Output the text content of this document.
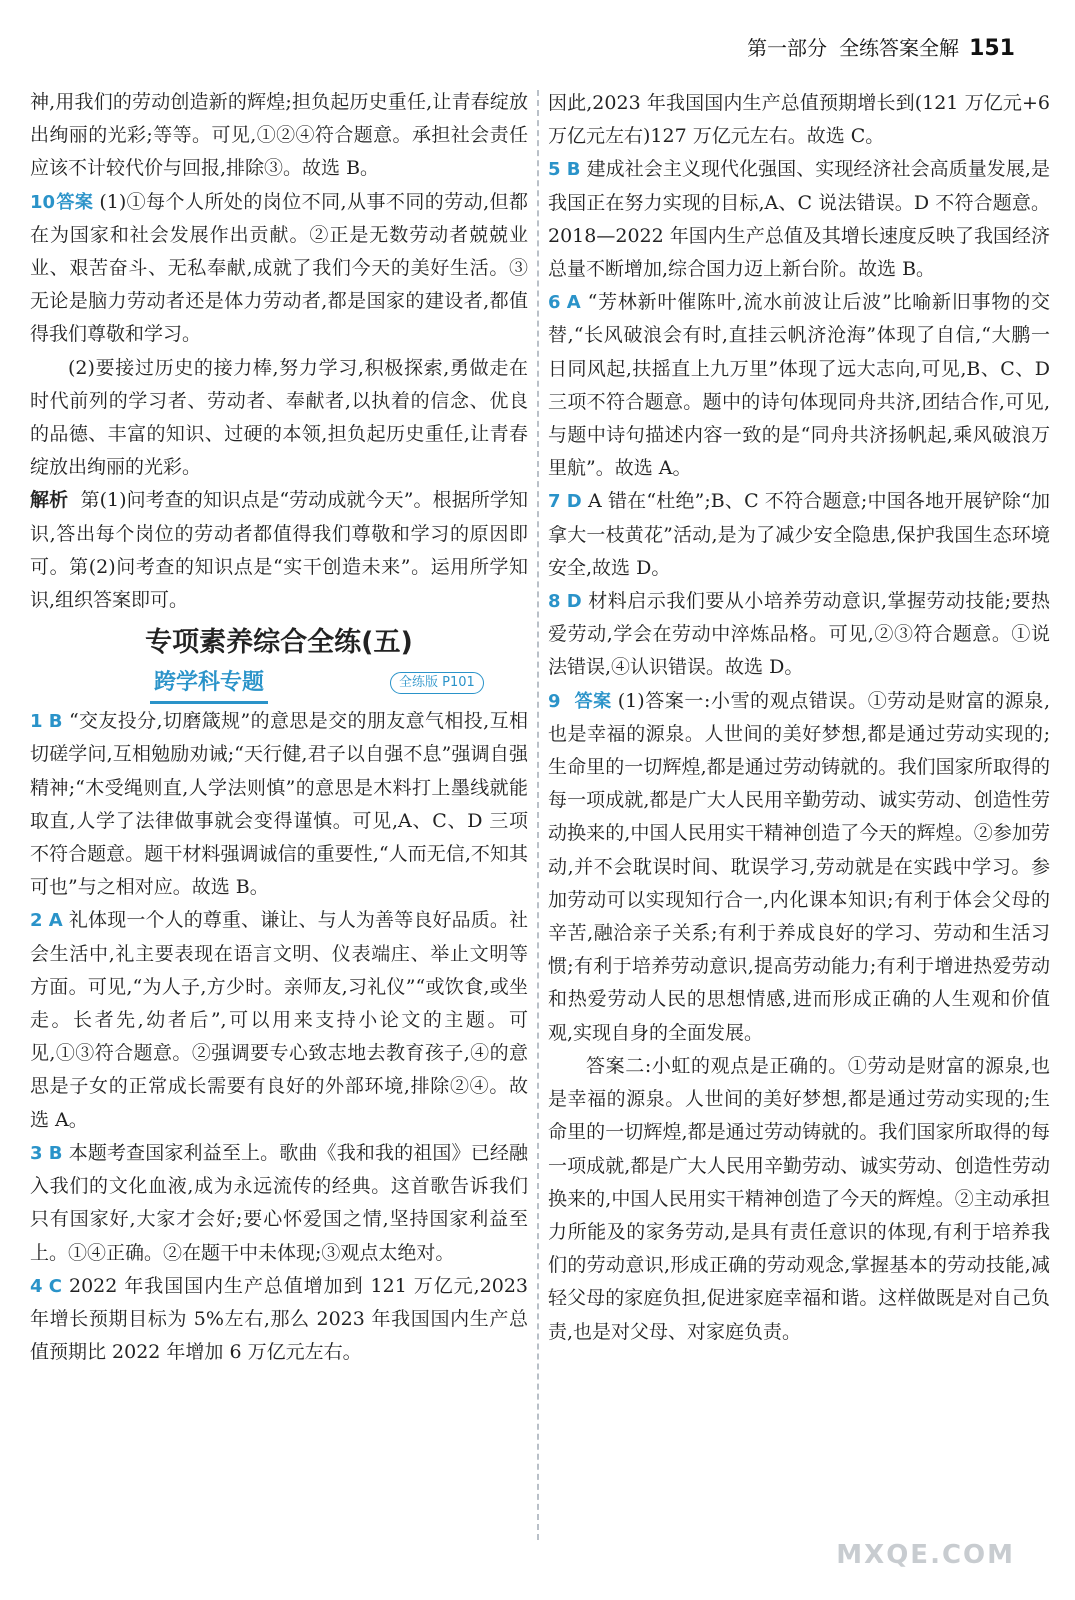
第一部分 全练答案全解 151

神,用我们的劳动创造新的辉煌;担负起历史重任,让青春绽放出绚丽的光彩;等等。可见,①②④符合题意。承担社会责任应该不计较代价与回报,排除③。故选 B。

10答案 (1)①每个人所处的岗位不同,从事不同的劳动,但都在为国家和社会发展作出贡献。②正是无数劳动者兢兢业业、艰苦奋斗、无私奉献,成就了我们今天的美好生活。③无论是脑力劳动者还是体力劳动者,都是国家的建设者,都值得我们尊敬和学习。

(2)要接过历史的接力棒,努力学习,积极探索,勇做走在时代前列的学习者、劳动者、奉献者,以执着的信念、优良的品德、丰富的知识、过硬的本领,担负起历史重任,让青春绽放出绚丽的光彩。

解析 第(1)问考查的知识点是“劳动成就今天”。根据所学知识,答出每个岗位的劳动者都值得我们尊敬和学习的原因即可。第(2)问考查的知识点是“实干创造未来”。运用所学知识,组织答案即可。

专项素养综合全练(五)
跨学科专题	全练版 P101

1 B “交友投分,切磨箴规”的意思是交的朋友意气相投,互相切磋学问,互相勉励劝诫;“天行健,君子以自强不息”强调自强精神;“木受绳则直,人学法则慎”的意思是木料打上墨线就能取直,人学了法律做事就会变得谨慎。可见,A、C、D 三项不符合题意。题干材料强调诚信的重要性,“人而无信,不知其可也”与之相对应。故选 B。

2 A 礼体现一个人的尊重、谦让、与人为善等良好品质。社会生活中,礼主要表现在语言文明、仪表端庄、举止文明等方面。可见,“为人子,方少时。亲师友,习礼仪”“或饮食,或坐走。长者先,幼者后”,可以用来支持小论文的主题。可见,①③符合题意。②强调要专心致志地去教育孩子,④的意思是子女的正常成长需要有良好的外部环境,排除②④。故选 A。

3 B 本题考查国家利益至上。歌曲《我和我的祖国》已经融入我们的文化血液,成为永远流传的经典。这首歌告诉我们只有国家好,大家才会好;要心怀爱国之情,坚持国家利益至上。①④正确。②在题干中未体现;③观点太绝对。

4 C 2022 年我国国内生产总值增加到 121 万亿元,2023 年增长预期目标为 5%左右,那么 2023 年我国国内生产总值预期比 2022 年增加 6 万亿元左右。

因此,2023 年我国国内生产总值预期增长到(121 万亿元+6 万亿元左右)127 万亿元左右。故选 C。

5 B 建成社会主义现代化强国、实现经济社会高质量发展,是我国正在努力实现的目标,A、C 说法错误。D 不符合题意。2018—2022 年国内生产总值及其增长速度反映了我国经济总量不断增加,综合国力迈上新台阶。故选 B。

6 A “芳林新叶催陈叶,流水前波让后波”比喻新旧事物的交替,“长风破浪会有时,直挂云帆济沧海”体现了自信,“大鹏一日同风起,扶摇直上九万里”体现了远大志向,可见,B、C、D 三项不符合题意。题中的诗句体现同舟共济,团结合作,可见,与题中诗句描述内容一致的是“同舟共济扬帆起,乘风破浪万里航”。故选 A。

7 D A 错在“杜绝”;B、C 不符合题意;中国各地开展铲除“加拿大一枝黄花”活动,是为了减少安全隐患,保护我国生态环境安全,故选 D。

8 D 材料启示我们要从小培养劳动意识,掌握劳动技能;要热爱劳动,学会在劳动中淬炼品格。可见,②③符合题意。①说法错误,④认识错误。故选 D。

9 答案 (1)答案一:小雪的观点错误。①劳动是财富的源泉,也是幸福的源泉。人世间的美好梦想,都是通过劳动实现的;生命里的一切辉煌,都是通过劳动铸就的。我们国家所取得的每一项成就,都是广大人民用辛勤劳动、诚实劳动、创造性劳动换来的,中国人民用实干精神创造了今天的辉煌。②参加劳动,并不会耽误时间、耽误学习,劳动就是在实践中学习。参加劳动可以实现知行合一,内化课本知识;有利于体会父母的辛苦,融洽亲子关系;有利于养成良好的学习、劳动和生活习惯;有利于培养劳动意识,提高劳动能力;有利于增进热爱劳动和热爱劳动人民的思想情感,进而形成正确的人生观和价值观,实现自身的全面发展。

答案二:小虹的观点是正确的。①劳动是财富的源泉,也是幸福的源泉。人世间的美好梦想,都是通过劳动实现的;生命里的一切辉煌,都是通过劳动铸就的。我们国家所取得的每一项成就,都是广大人民用辛勤劳动、诚实劳动、创造性劳动换来的,中国人民用实干精神创造了今天的辉煌。②主动承担力所能及的家务劳动,是具有责任意识的体现,有利于培养我们的劳动意识,形成正确的劳动观念,掌握基本的劳动技能,减轻父母的家庭负担,促进家庭幸福和谐。这样做既是对自己负责,也是对父母、对家庭负责。

MXQE.COM
